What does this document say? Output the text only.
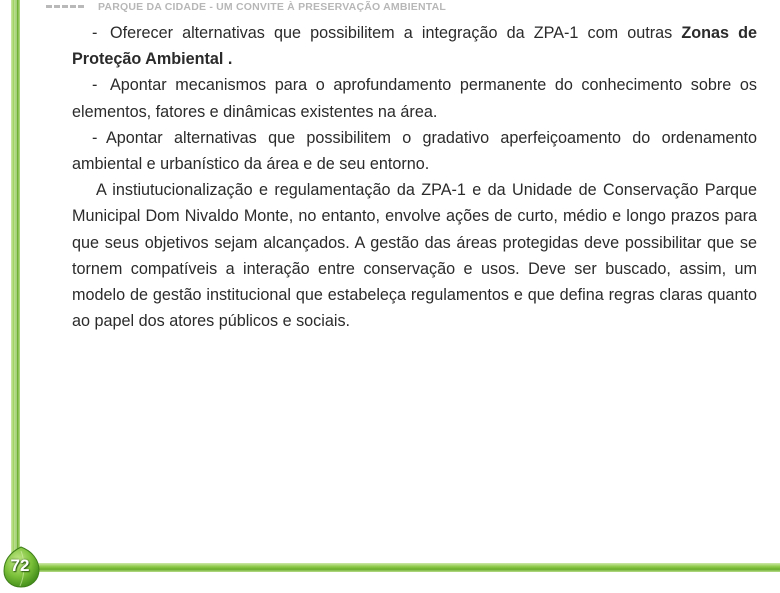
PARQUE DA CIDADE - UM CONVITE À PRESERVAÇÃO AMBIENTAL

- Oferecer alternativas que possibilitem a integração da ZPA-1 com outras Zonas de Proteção Ambiental .

- Apontar mecanismos para o aprofundamento permanente do conhecimento sobre os elementos, fatores e dinâmicas existentes na área.

- Apontar alternativas que possibilitem o gradativo aperfeiçoamento do ordenamento ambiental e urbanístico da área e de seu entorno.

A instiutucionalização e regulamentação da ZPA-1 e da Unidade de Conservação Parque Municipal Dom Nivaldo Monte, no entanto, envolve ações de curto, médio e longo prazos para que seus objetivos sejam alcançados. A gestão das áreas protegidas deve possibilitar que se tornem compatíveis a interação entre conservação e usos. Deve ser buscado, assim, um modelo de gestão institucional que estabeleça regulamentos e que defina regras claras quanto ao papel dos atores públicos e sociais.

72
